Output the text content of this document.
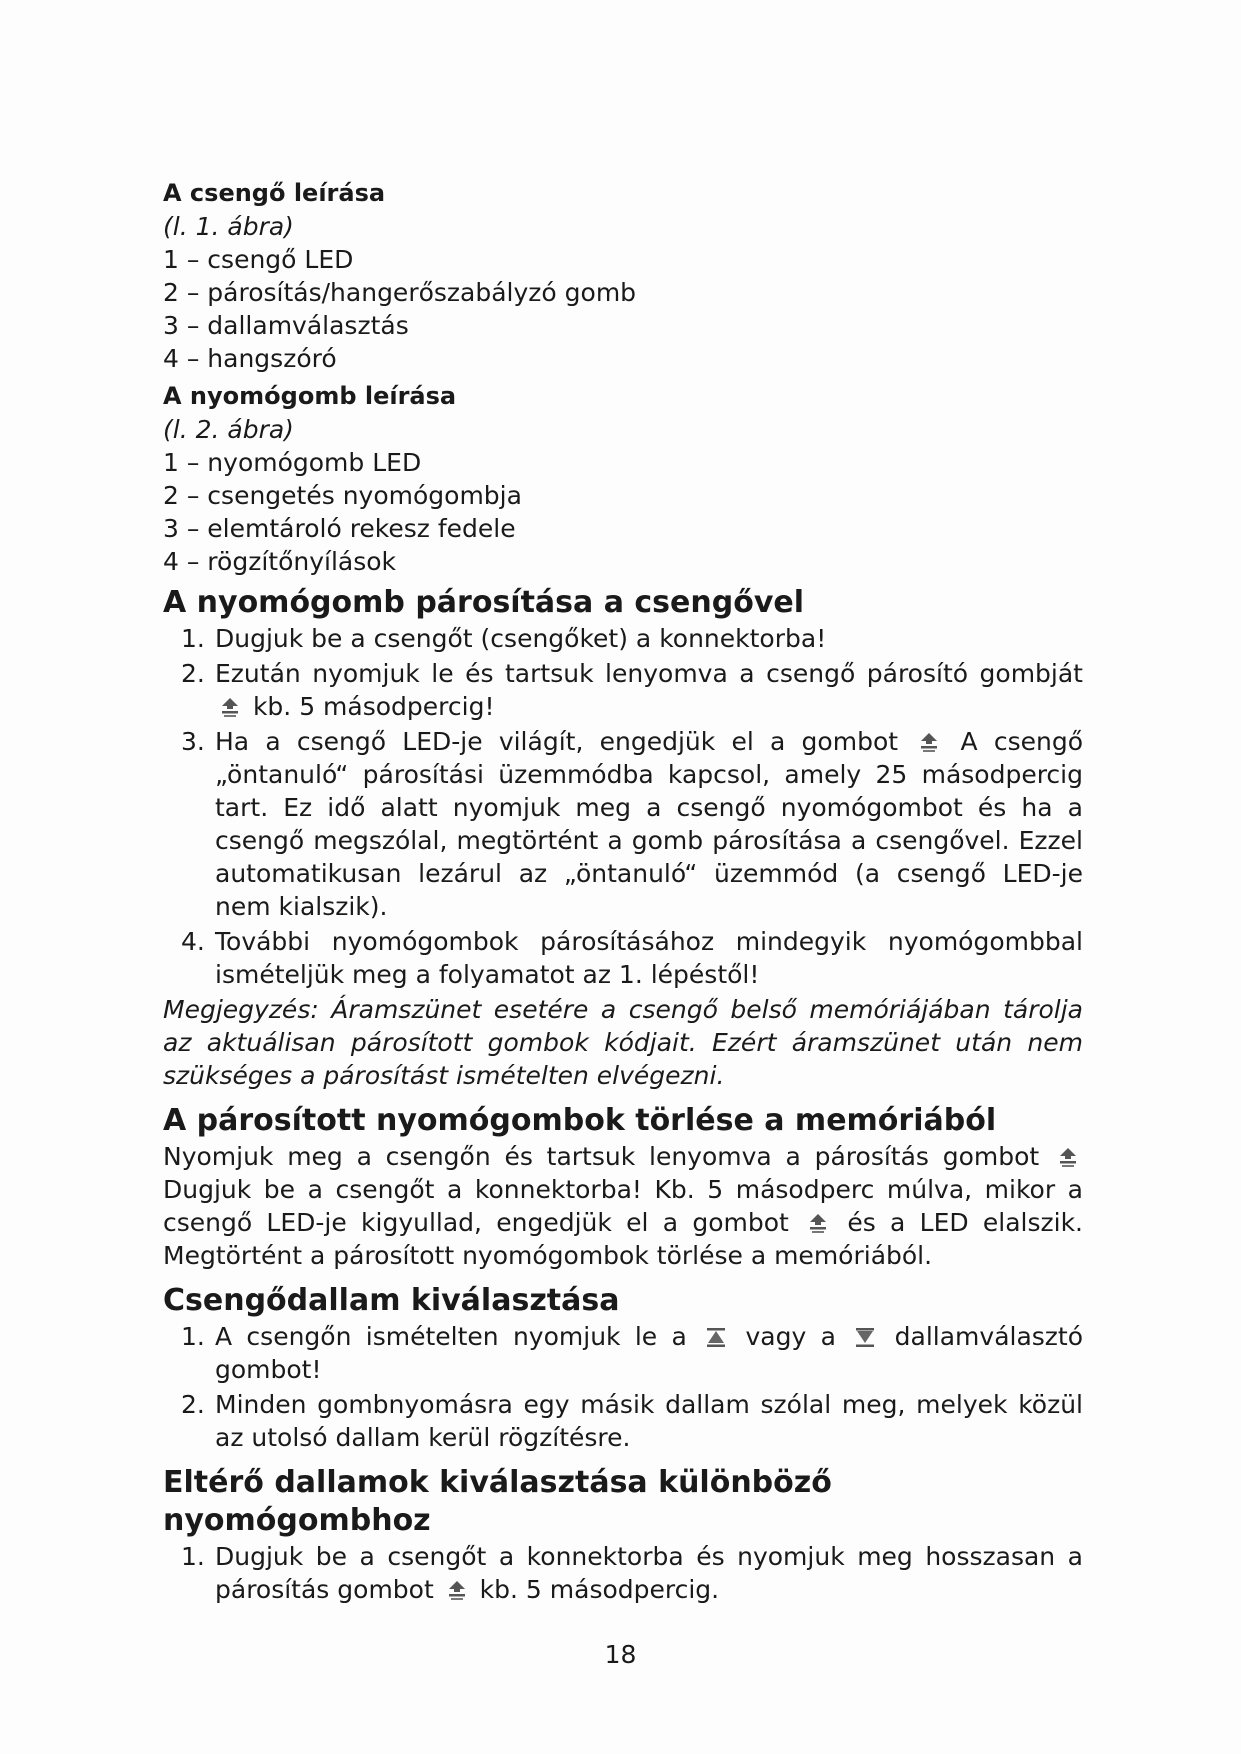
A csengő leírása

(l. 1. ábra)

1 – csengő LED

2 – párosítás/hangerőszabályzó gomb

3 – dallamválasztás

4 – hangszóró

A nyomógomb leírása

(l. 2. ábra)

1 – nyomógomb LED

2 – csengetés nyomógombja

3 – elemtároló rekesz fedele

4 – rögzítőnyílások

A nyomógomb párosítása a csengővel
1. Dugjuk be a csengőt (csengőket) a konnektorba!
2. Ezután nyomjuk le és tartsuk lenyomva a csengő párosító gombját
kb. 5 másodpercig!
3. Ha a csengő LED-je világít, engedjük el a gombot A csengő „öntanuló“ párosítási üzemmódba kapcsol, amely 25 másodpercig tart. Ez idő alatt nyomjuk meg a csengő nyomógombot és ha a csengő megszólal, megtörtént a gomb párosítása a csengővel. Ezzel automatikusan lezárul az „öntanuló“ üzemmód (a csengő LED-je nem kialszik).
4. További nyomógombok párosításához mindegyik nyomógombbal ismételjük meg a folyamatot az 1. lépéstől!

Megjegyzés: Áramszünet esetére a csengő belső memóriájában tárolja az aktuálisan párosított gombok kódjait. Ezért áramszünet után nem szükséges a párosítást ismételten elvégezni.

A párosított nyomógombok törlése a memóriából

Nyomjuk meg a csengőn és tartsuk lenyomva a párosítás gombot
Dugjuk be a csengőt a konnektorba! Kb. 5 másodperc múlva, mikor a csengő LED-je kigyullad, engedjük el a gombot és a LED elalszik. Megtörtént a párosított nyomógombok törlése a memóriából.

Csengődallam kiválasztása
1. A csengőn ismételten nyomjuk le a vagy a dallamválasztó gombot!
2. Minden gombnyomásra egy másik dallam szólal meg, melyek közül az utolsó dallam kerül rögzítésre.
Eltérő dallamok kiválasztása különböző nyomógombhoz
1. Dugjuk be a csengőt a konnektorba és nyomjuk meg hosszasan a párosítás gombot kb. 5 másodpercig.
18
